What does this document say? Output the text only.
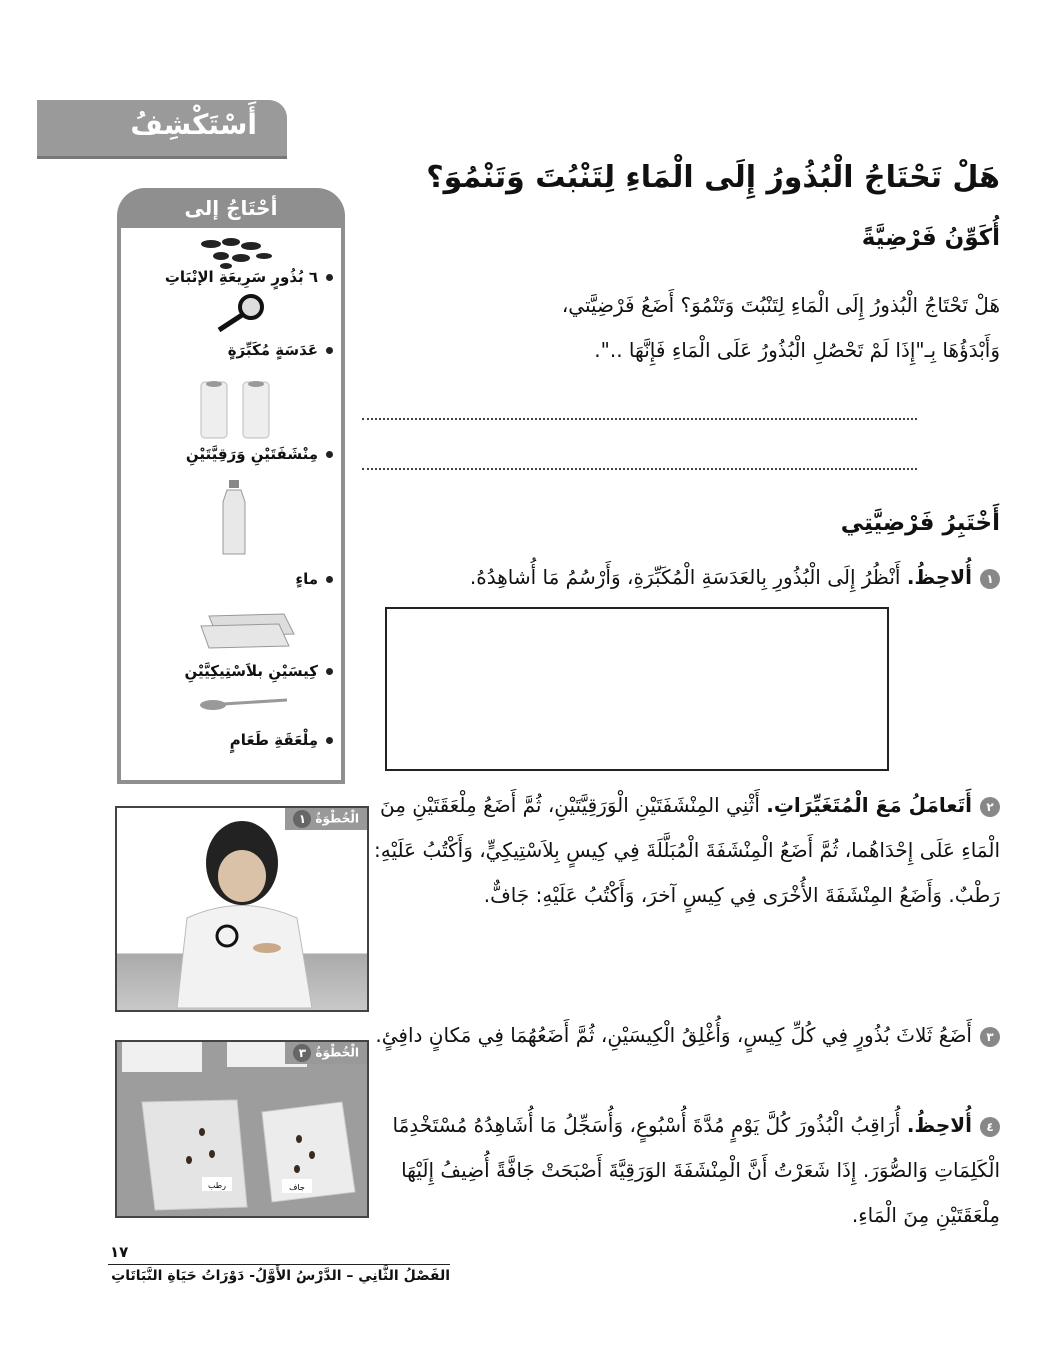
أَسْتَكْشِفُ
أحْتَاجُ إلى
٦ بُذُورٍ سَرِيعَةِ الإنْبَاتِ
عَدَسَةٍ مُكَبِّرَةٍ
مِنْشَفَتَيْنِ وَرَقِيَّتَيْنِ
ماءٍ
كِيسَيْنِ بلاَسْتِيكِيَّيْنِ
مِلْعَقَةِ طَعَامٍ
هَلْ تَحْتَاجُ الْبُذُورُ إِلَى الْمَاءِ لِتَنْبُتَ وَتَنْمُوَ؟
أُكَوِّنُ فَرْضِيَّةً
هَلْ تَحْتَاجُ الْبُذورُ إِلَى الْمَاءِ لِتَنْبُتَ وَتَنْمُوَ؟ أَضَعُ فَرْضِيَّتي،
وَأَبْدَؤُهَا بِـ"إِذَا لَمْ تَحْصُلِ الْبُذُورُ عَلَى الْمَاءِ فَإِنَّهَا ..".
أَخْتَبِرُ فَرْضِيَّتِي
١أُلاحِظُ. أَنْظُرُ إِلَى الْبُذُورِ بِالعَدَسَةِ الْمُكَبِّرَةِ، وَأَرْسُمُ مَا أُشاهِدُهُ.
٢أَتَعامَلُ مَعَ الْمُتَغَيِّرَاتِ. أَثْنِي المِنْشَفَتَيْنِ الْوَرَقِيَّتَيْنِ، ثُمَّ أَضَعُ مِلْعَقَتَيْنِ مِنَ الْمَاءِ عَلَى إِحْدَاهُما، ثُمَّ أَضَعُ الْمِنْشَفَةَ الْمُبَلَّلَةَ فِي كِيسٍ بِلاَسْتِيكِيٍّ، وَأَكْتُبُ عَلَيْهِ: رَطْبٌ. وَأَضَعُ المِنْشَفَةَ الأُخْرَى فِي كِيسٍ آخرَ، وَأَكْتُبُ عَلَيْهِ: جَافٌّ.
٣أَضَعُ ثَلاثَ بُذُورٍ فِي كُلِّ كِيسٍ، وَأُغْلِقُ الْكِيسَيْنِ، ثُمَّ أَضَعُهُمَا فِي مَكانٍ دافِئٍ.
٤أُلاحِظُ. أُرَاقِبُ الْبُذُورَ كُلَّ يَوْمٍ مُدَّةَ أُسْبُوعٍ، وَأُسَجِّلُ مَا أُشَاهِدُهُ مُسْتَخْدِمًا الْكَلِمَاتِ وَالصُّوَرَ. إِذَا شَعَرْتُ أَنَّ الْمِنْشَفَةَ الوَرَقِيَّةَ أَصْبَحَتْ جَافَّةً أُضِيفُ إِلَيْهَا مِلْعَقَتَيْنِ مِنَ الْمَاءِ.
الْخُطْوَةُ١
رطب	جاف
الْخُطْوَةُ٣
١٧
الفَصْلُ الثَّانِي – الدَّرْسُ الأَوَّلُ- دَوْرَاتُ حَيَاةِ النَّبَاتَاتِ
